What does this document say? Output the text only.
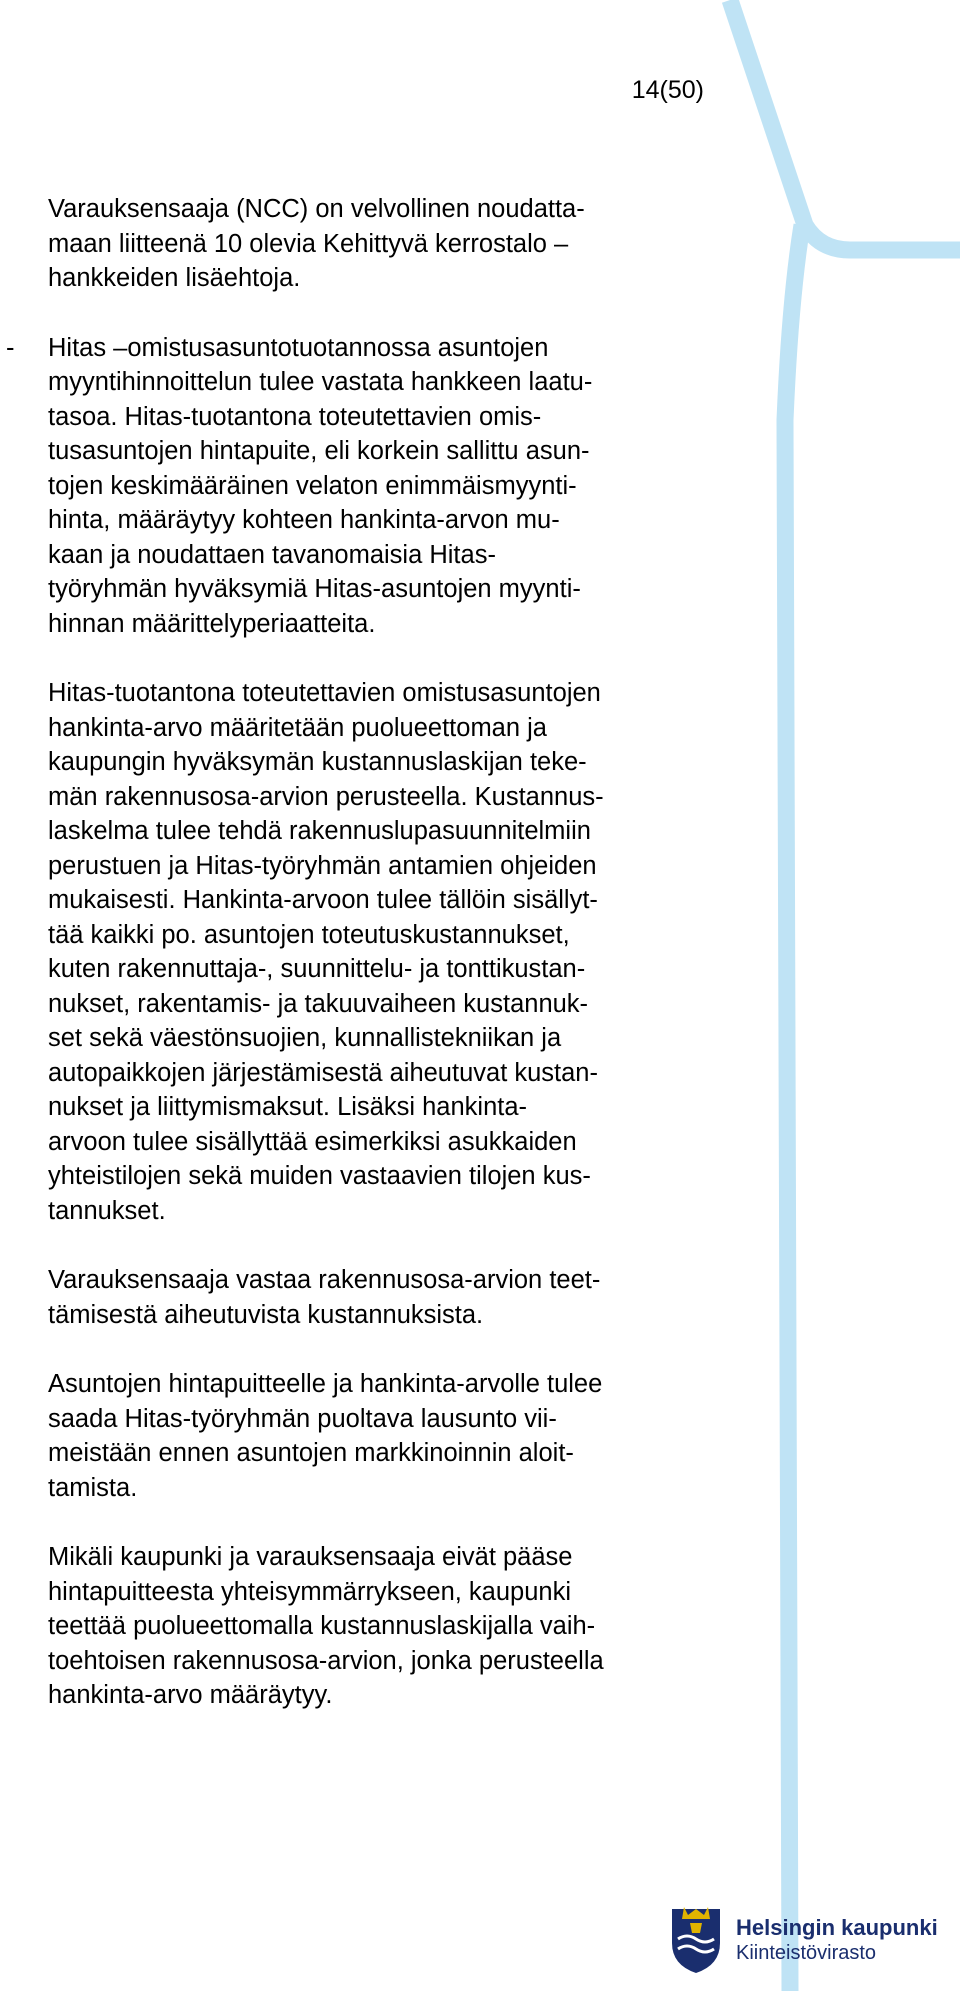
14(50)

Varauksensaaja (NCC) on velvollinen noudatta-
maan liitteenä 10 olevia Kehittyvä kerrostalo –
hankkeiden lisäehtoja.

- Hitas –omistusasuntotuotannossa asuntojen
myyntihinnoittelun tulee vastata hankkeen laatu-
tasoa. Hitas-tuotantona toteutettavien omis-
tusasuntojen hintapuite, eli korkein sallittu asun-
tojen keskimääräinen velaton enimmäismyynti-
hinta, määräytyy kohteen hankinta-arvon mu-
kaan ja noudattaen tavanomaisia Hitas-
työryhmän hyväksymiä Hitas-asuntojen myynti-
hinnan määrittelyperiaatteita.

Hitas-tuotantona toteutettavien omistusasuntojen
hankinta-arvo määritetään puolueettoman ja
kaupungin hyväksymän kustannuslaskijan teke-
män rakennusosa-arvion perusteella. Kustannus-
laskelma tulee tehdä rakennuslupasuunnitelmiin
perustuen ja Hitas-työryhmän antamien ohjeiden
mukaisesti. Hankinta-arvoon tulee tällöin sisällyt-
tää kaikki po. asuntojen toteutuskustannukset,
kuten rakennuttaja-, suunnittelu- ja tonttikustan-
nukset, rakentamis- ja takuuvaiheen kustannuk-
set sekä väestönsuojien, kunnallistekniikan ja
autopaikkojen järjestämisestä aiheutuvat kustan-
nukset ja liittymismaksut. Lisäksi hankinta-
arvoon tulee sisällyttää esimerkiksi asukkaiden
yhteistilojen sekä muiden vastaavien tilojen kus-
tannukset.

Varauksensaaja vastaa rakennusosa-arvion teet-
tämisestä aiheutuvista kustannuksista.

Asuntojen hintapuitteelle ja hankinta-arvolle tulee
saada Hitas-työryhmän puoltava lausunto vii-
meistään ennen asuntojen markkinoinnin aloit-
tamista.

Mikäli kaupunki ja varauksensaaja eivät pääse
hintapuitteesta yhteisymmärrykseen, kaupunki
teettää puolueettomalla kustannuslaskijalla vaih-
toehtoisen rakennusosa-arvion, jonka perusteella
hankinta-arvo määräytyy.

Helsingin kaupunki
Kiinteistövirasto
